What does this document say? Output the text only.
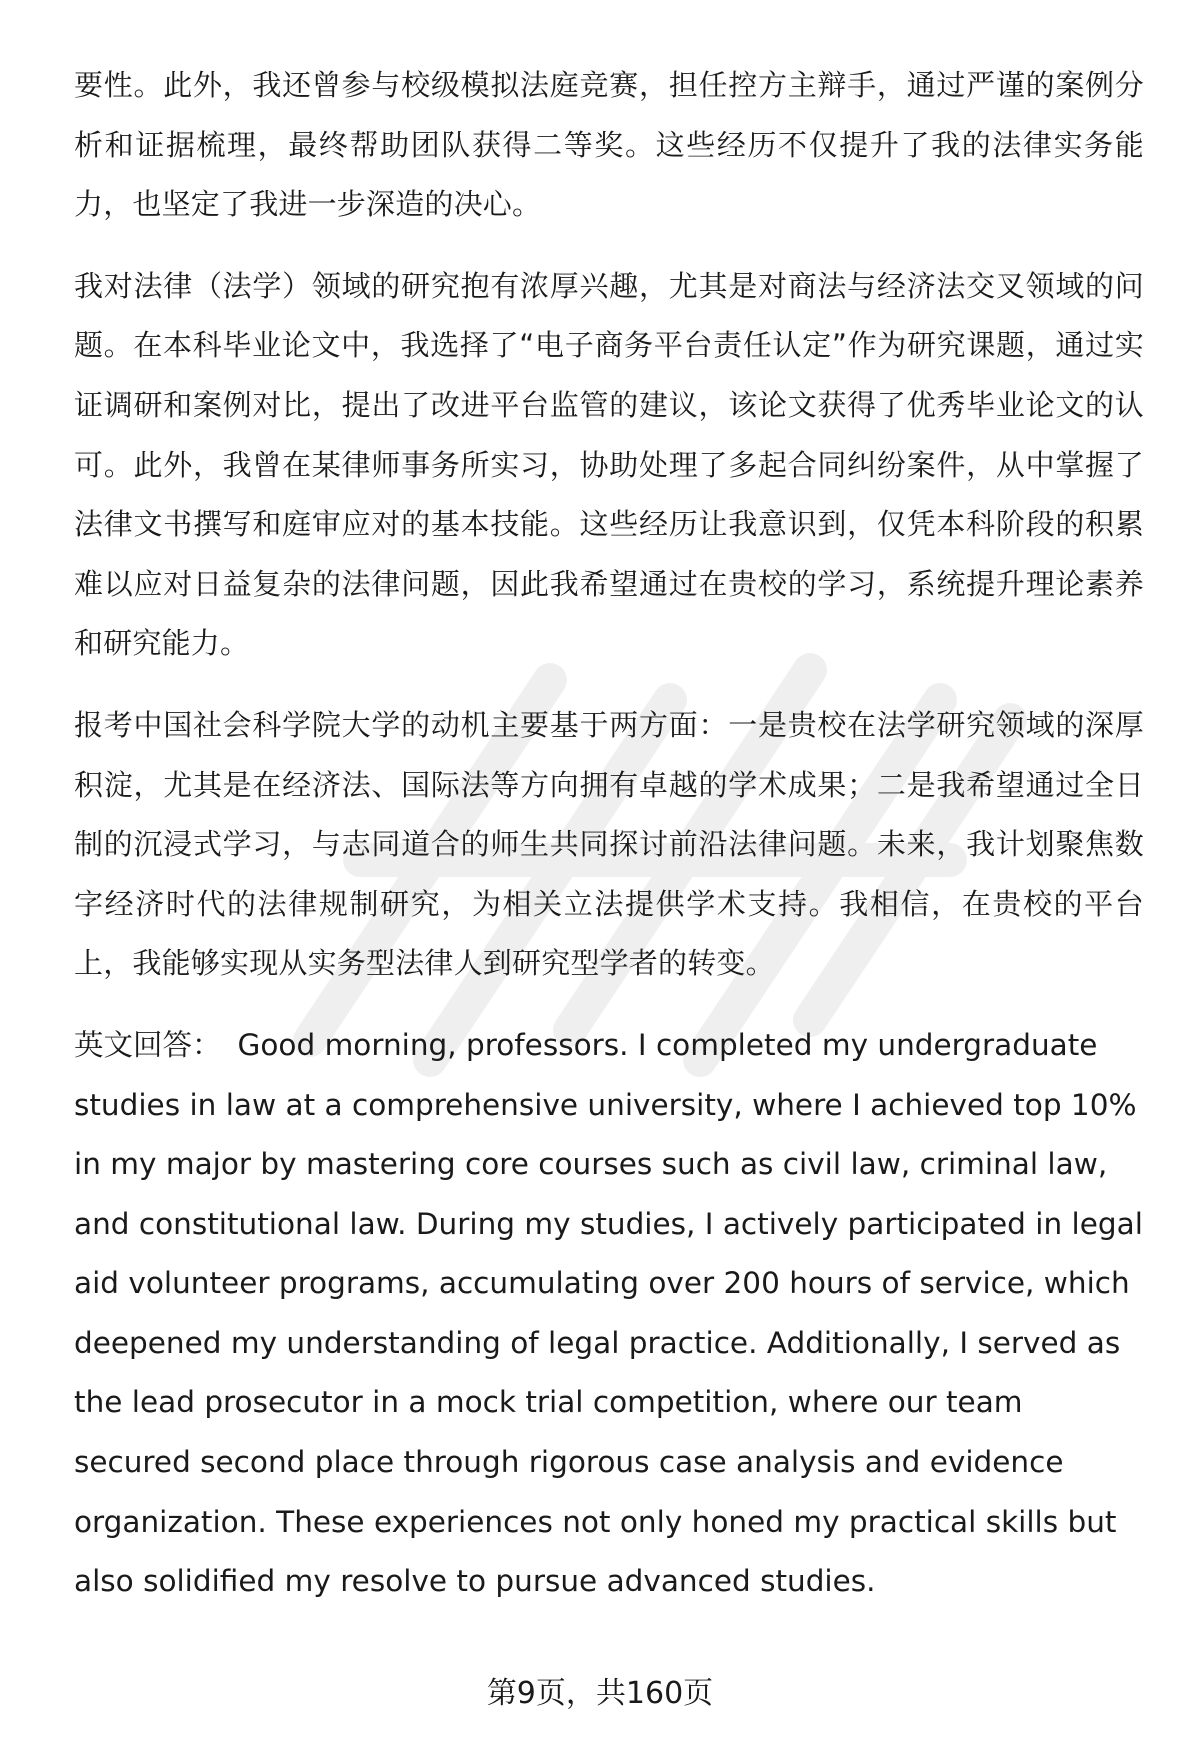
要性。此外，我还曾参与校级模拟法庭竞赛，担任控方主辩手，通过严谨的案例分析和证据梳理，最终帮助团队获得二等奖。这些经历不仅提升了我的法律实务能力，也坚定了我进一步深造的决心。

我对法律（法学）领域的研究抱有浓厚兴趣，尤其是对商法与经济法交叉领域的问题。在本科毕业论文中，我选择了“电子商务平台责任认定”作为研究课题，通过实证调研和案例对比，提出了改进平台监管的建议，该论文获得了优秀毕业论文的认可。此外，我曾在某律师事务所实习，协助处理了多起合同纠纷案件，从中掌握了法律文书撰写和庭审应对的基本技能。这些经历让我意识到，仅凭本科阶段的积累难以应对日益复杂的法律问题，因此我希望通过在贵校的学习，系统提升理论素养和研究能力。

报考中国社会科学院大学的动机主要基于两方面：一是贵校在法学研究领域的深厚积淀，尤其是在经济法、国际法等方向拥有卓越的学术成果；二是我希望通过全日制的沉浸式学习，与志同道合的师生共同探讨前沿法律问题。未来，我计划聚焦数字经济时代的法律规制研究，为相关立法提供学术支持。我相信，在贵校的平台上，我能够实现从实务型法律人到研究型学者的转变。

英文回答： Good morning, professors. I completed my undergraduate studies in law at a comprehensive university, where I achieved top 10% in my major by mastering core courses such as civil law, criminal law, and constitutional law. During my studies, I actively participated in legal aid volunteer programs, accumulating over 200 hours of service, which deepened my understanding of legal practice. Additionally, I served as the lead prosecutor in a mock trial competition, where our team secured second place through rigorous case analysis and evidence organization. These experiences not only honed my practical skills but also solidified my resolve to pursue advanced studies.

第9页，共160页
